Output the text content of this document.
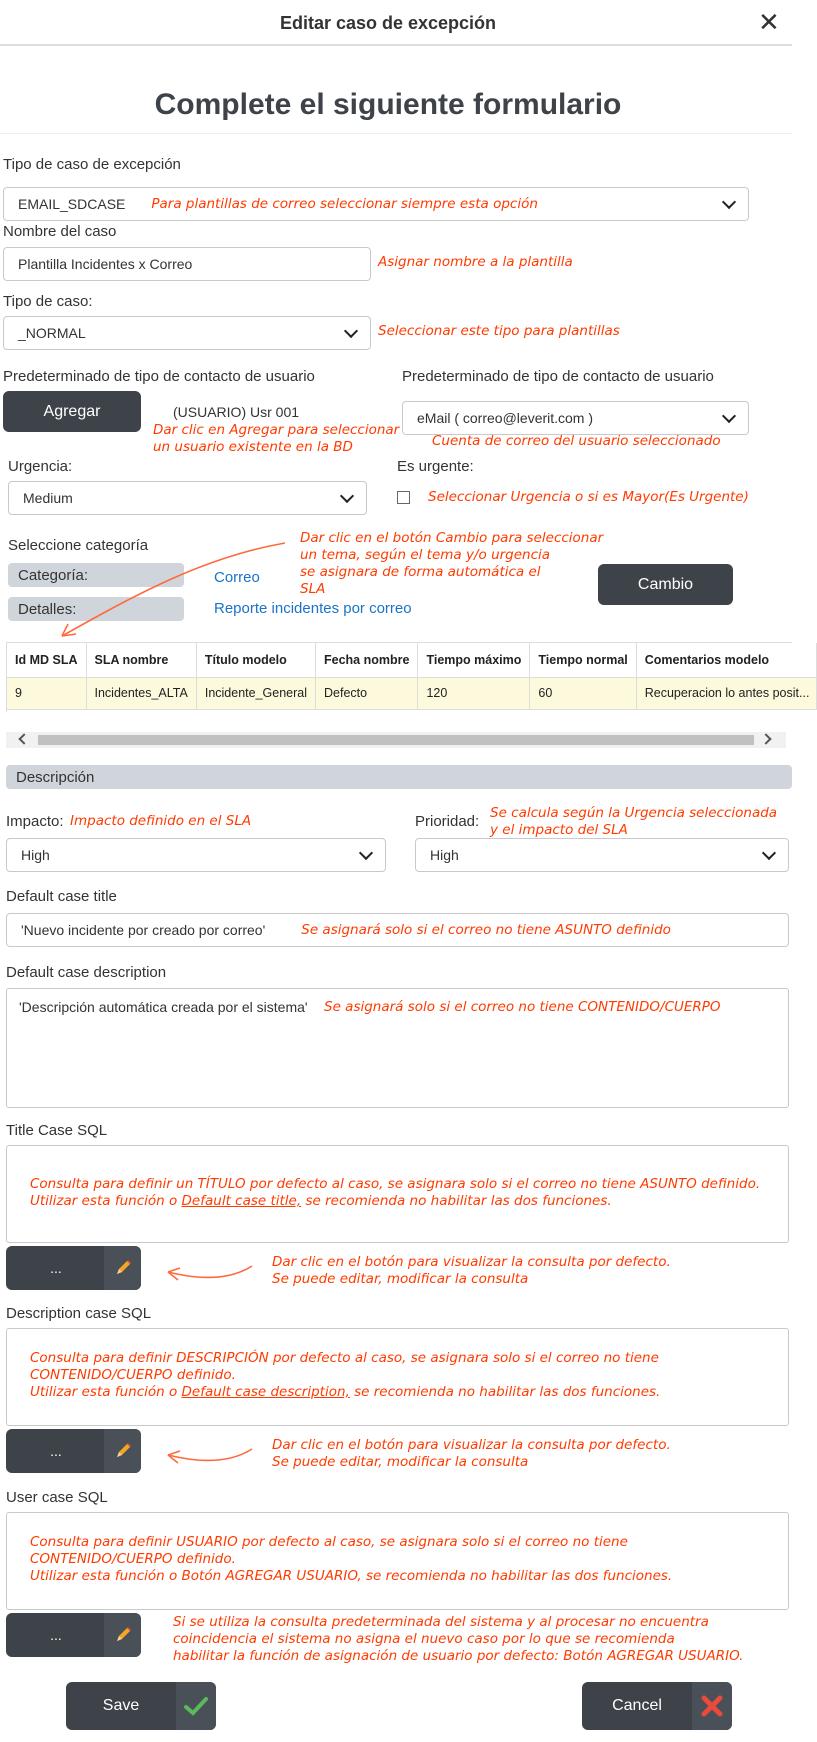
Editar caso de excepción	✕
Complete el siguiente formulario
Tipo de caso de excepción
EMAIL_SDCASE Para plantillas de correo seleccionar siempre esta opción
Nombre del caso
Plantilla Incidentes x Correo	Asignar nombre a la plantilla
Tipo de caso:
_NORMAL	Seleccionar este tipo para plantillas
Predeterminado de tipo de contacto de usuario
Agregar	(USUARIO) Usr 001
Dar clic en Agregar para seleccionar
un usuario existente en la BD
Predeterminado de tipo de contacto de usuario
eMail ( correo@leverit.com )
Cuenta de correo del usuario seleccionado
Urgencia:
Medium
Es urgente:
Seleccionar Urgencia o si es Mayor(Es Urgente)
Seleccione categoría
Categoría:	Correo
Detalles:	Reporte incidentes por correo
Dar clic en el botón Cambio para seleccionar
un tema, según el tema y/o urgencia
se asignara de forma automática el
SLA	Cambio
Id MD SLA	SLA nombre	Título modelo	Fecha nombre	Tiempo máximo	Tiempo normal	Comentarios modelo
9	Incidentes_ALTA	Incidente_General	Defecto	120	60	Recuperacion lo antes posit...
Descripción
Impacto: Impacto definido en el SLA
High
Prioridad: Se calcula según la Urgencia seleccionada
y el impacto del SLA
High
Default case title
'Nuevo incidente por creado por correo'	Se asignará solo si el correo no tiene ASUNTO definido
Default case description
'Descripción automática creada por el sistema' Se asignará solo si el correo no tiene CONTENIDO/CUERPO
Title Case SQL
Consulta para definir un TÍTULO por defecto al caso, se asignara solo si el correo no tiene ASUNTO definido.
Utilizar esta función o Default case title, se recomienda no habilitar las dos funciones.
...	Dar clic en el botón para visualizar la consulta por defecto.
Se puede editar, modificar la consulta
Description case SQL
Consulta para definir DESCRIPCIÓN por defecto al caso, se asignara solo si el correo no tiene
CONTENIDO/CUERPO definido.
Utilizar esta función o Default case description, se recomienda no habilitar las dos funciones.
...	Dar clic en el botón para visualizar la consulta por defecto.
Se puede editar, modificar la consulta
User case SQL
Consulta para definir USUARIO por defecto al caso, se asignara solo si el correo no tiene
CONTENIDO/CUERPO definido.
Utilizar esta función o Botón AGREGAR USUARIO, se recomienda no habilitar las dos funciones.
...
Si se utiliza la consulta predeterminada del sistema y al procesar no encuentra
coincidencia el sistema no asigna el nuevo caso por lo que se recomienda
habilitar la función de asignación de usuario por defecto: Botón AGREGAR USUARIO.
Save	Cancel
